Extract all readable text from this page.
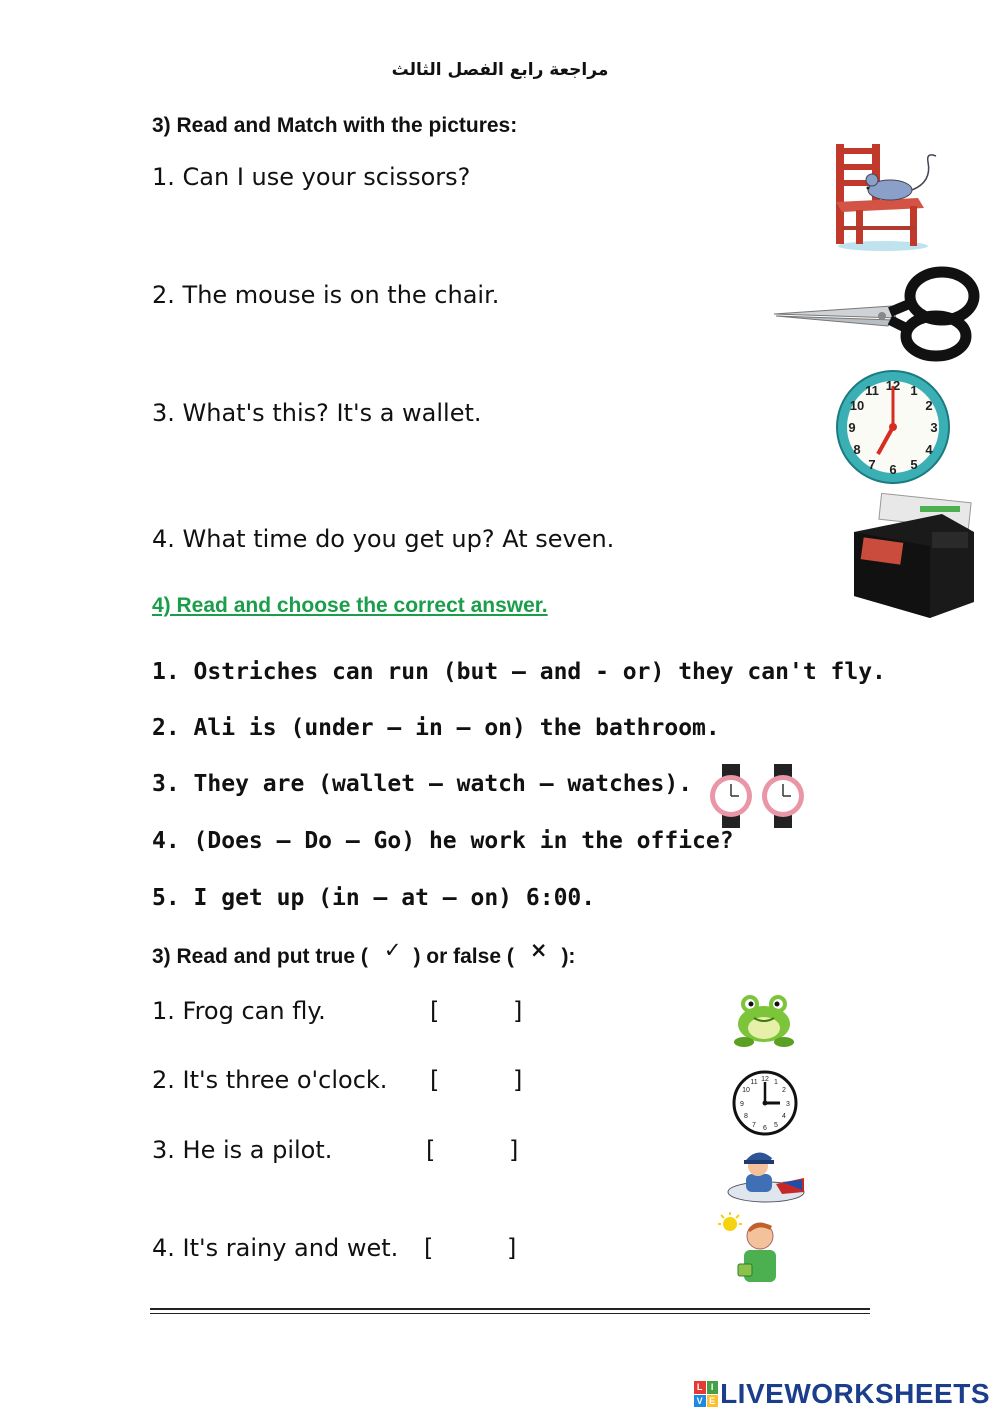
مراجعة رابع الفصل الثالث
3) Read and Match with the pictures:
1. Can I use your scissors?
2. The mouse is on the chair.
3. What's this? It's a wallet.
4. What time do you get up? At seven.
12 1
2
3
4
5
6
7
8
9
10
11
4) Read and choose the correct answer.
1. Ostriches can run (but – and - or) they can't fly.
2. Ali is (under – in – on) the bathroom.
3. They are (wallet – watch – watches).
4. (Does – Do – Go) he work in the office?
5. I get up (in – at – on) 6:00.
3) Read and put true ( ✓ ) or false ( × ):
1. Frog can fly.	[	]
2. It's three o'clock. [	]
3. He is a pilot.	[	]
4. It's rainy and wet. [	]
12 1
2
3
4
5
6
7
8
9
10
11
L I
V E LIVEWORKSHEETS
